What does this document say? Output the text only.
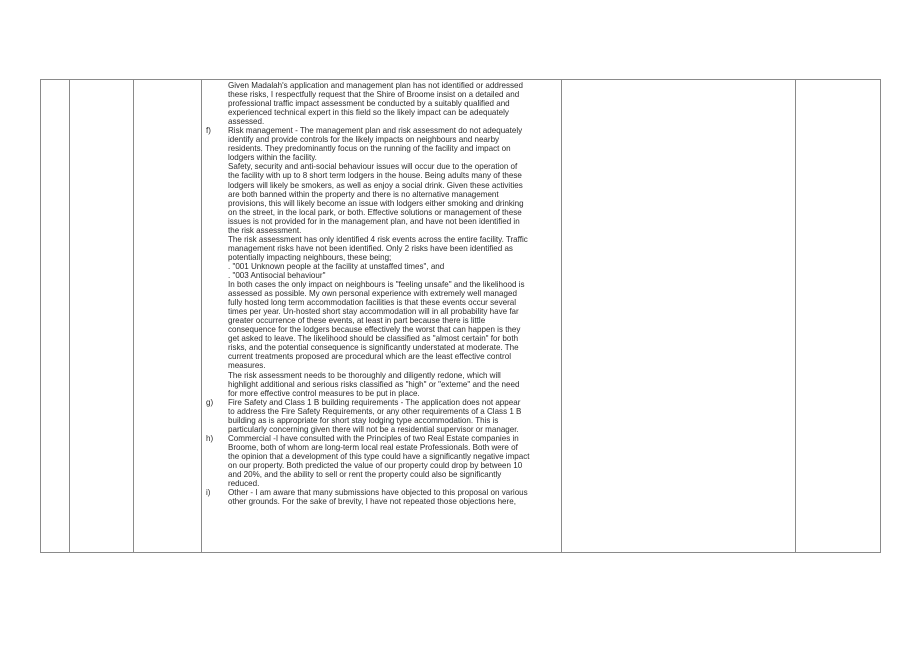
Given Madalah's application and management plan has not identified or addressed
these risks, I respectfully request that the Shire of Broome insist on a detailed and
professional traffic impact assessment be conducted by a suitably qualified and
experienced technical expert in this field so the likely impact can be adequately
assessed.
f) Risk management - The management plan and risk assessment do not adequately
identify and provide controls for the likely impacts on neighbours and nearby
residents. They predominantly focus on the running of the facility and impact on
lodgers within the facility.
Safety, security and anti-social behaviour issues will occur due to the operation of
the facility with up to 8 short term lodgers in the house. Being adults many of these
lodgers will likely be smokers, as well as enjoy a social drink. Given these activities
are both banned within the property and there is no alternative management
provisions, this will likely become an issue with lodgers either smoking and drinking
on the street, in the local park, or both. Effective solutions or management of these
issues is not provided for in the management plan, and have not been identified in
the risk assessment.
The risk assessment has only identified 4 risk events across the entire facility. Traffic
management risks have not been identified. Only 2 risks have been identified as
potentially impacting neighbours, these being;
. "001 Unknown people at the facility at unstaffed times", and
. "003 Antisocial behaviour"
In both cases the only impact on neighbours is "feeling unsafe" and the likelihood is
assessed as possible. My own personal experience with extremely well managed
fully hosted long term accommodation facilities is that these events occur several
times per year. Un-hosted short stay accommodation will in all probability have far
greater occurrence of these events, at least in part because there is little
consequence for the lodgers because effectively the worst that can happen is they
get asked to leave. The likelihood should be classified as "almost certain" for both
risks, and the potential consequence is significantly understated at moderate. The
current treatments proposed are procedural which are the least effective control
measures.
The risk assessment needs to be thoroughly and diligently redone, which will
highlight additional and serious risks classified as "high" or "exteme" and the need
for more effective control measures to be put in place.
g) Fire Safety and Class 1 B building requirements - The application does not appear
to address the Fire Safety Requirements, or any other requirements of a Class 1 B
building as is appropriate for short stay lodging type accommodation. This is
particularly concerning given there will not be a residential supervisor or manager.
h) Commercial -I have consulted with the Principles of two Real Estate companies in
Broome, both of whom are long-term local real estate Professionals. Both were of
the opinion that a development of this type could have a significantly negative impact
on our property. Both predicted the value of our property could drop by between 10
and 20%, and the ability to sell or rent the property could also be significantly
reduced.
i) Other - I am aware that many submissions have objected to this proposal on various
other grounds. For the sake of brevity, I have not repeated those objections here,
